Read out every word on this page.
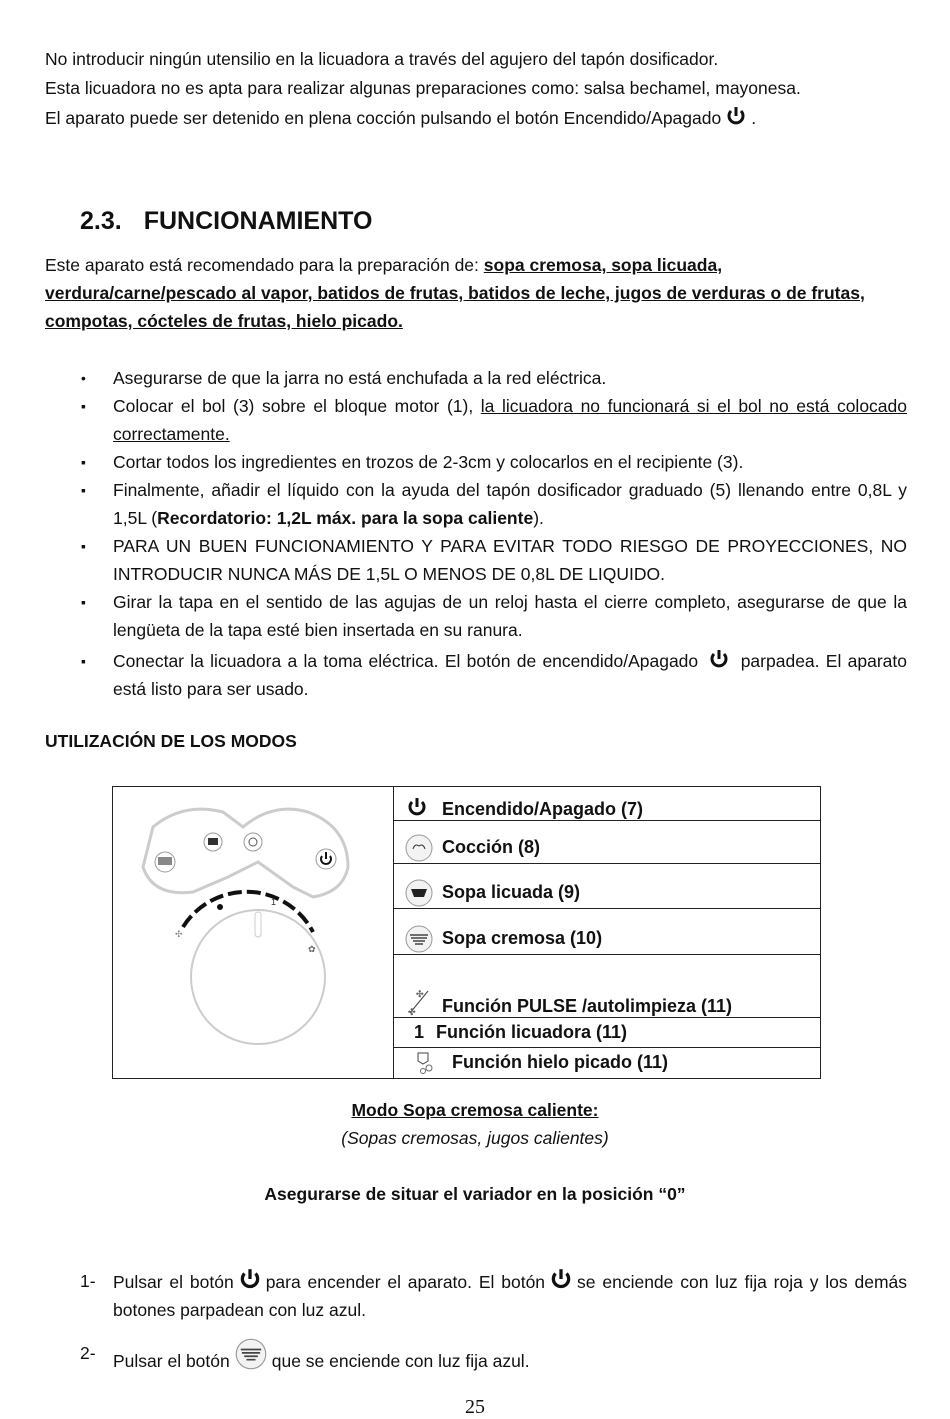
No introducir ningún utensilio en la licuadora a través del agujero del tapón dosificador.
Esta licuadora no es apta para realizar algunas preparaciones como: salsa bechamel, mayonesa.
El aparato puede ser detenido en plena cocción pulsando el botón Encendido/Apagado .
2.3. FUNCIONAMIENTO
Este aparato está recomendado para la preparación de: sopa cremosa, sopa licuada, verdura/carne/pescado al vapor, batidos de frutas, batidos de leche, jugos de verduras o de frutas, compotas, cócteles de frutas, hielo picado.
• Asegurarse de que la jarra no está enchufada a la red eléctrica.
▪ Colocar el bol (3) sobre el bloque motor (1), la licuadora no funcionará si el bol no está colocado correctamente.
▪ Cortar todos los ingredientes en trozos de 2-3cm y colocarlos en el recipiente (3).
▪ Finalmente, añadir el líquido con la ayuda del tapón dosificador graduado (5) llenando entre 0,8L y 1,5L (Recordatorio: 1,2L máx. para la sopa caliente).
▪ PARA UN BUEN FUNCIONAMIENTO Y PARA EVITAR TODO RIESGO DE PROYECCIONES, NO INTRODUCIR NUNCA MÁS DE 1,5L O MENOS DE 0,8L DE LIQUIDO.
▪ Girar la tapa en el sentido de las agujas de un reloj hasta el cierre completo, asegurarse de que la lengüeta de la tapa esté bien insertada en su ranura.
▪ Conectar la licuadora a la toma eléctrica. El botón de encendido/Apagado parpadea. El aparato está listo para ser usado.
UTILIZACIÓN DE LOS MODOS
1
✣
✿
	Encendido/Apagado (7)
Cocción (8)
Sopa licuada (9)
Sopa cremosa (10)

✣
✣ Función PULSE /autolimpieza (11)
1 Función licuadora (11)
Función hielo picado (11)
Modo Sopa cremosa caliente:
(Sopas cremosas, jugos calientes)
Asegurarse de situar el variador en la posición “0”
1- Pulsar el botón para encender el aparato. El botón se enciende con luz fija roja y los demás botones parpadean con luz azul.
2- Pulsar el botón que se enciende con luz fija azul.
25
